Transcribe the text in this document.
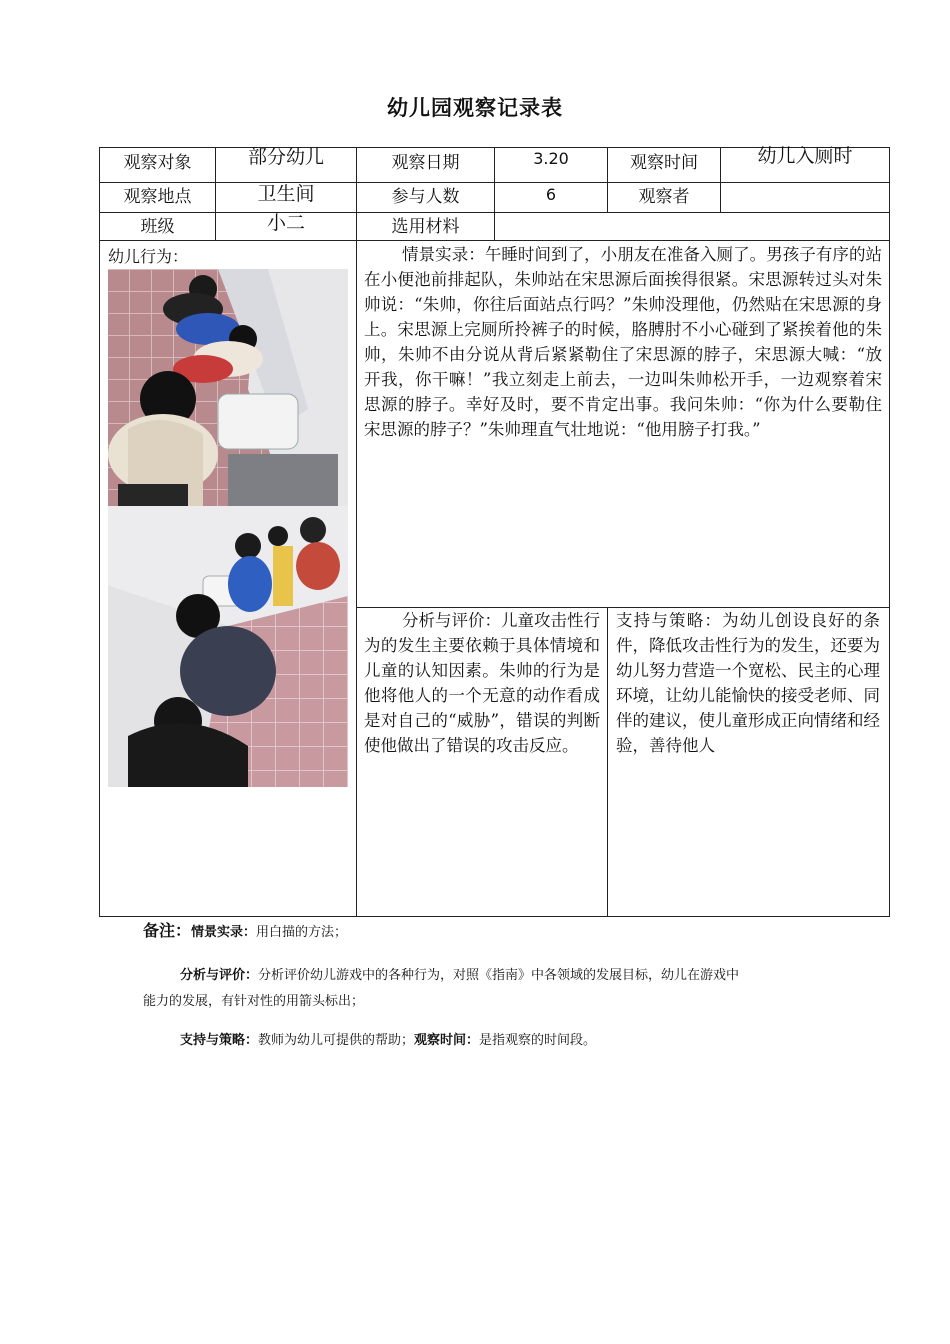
幼儿园观察记录表
观察对象	部分幼儿	观察日期	3.20	观察时间	幼儿入厕时
观察地点	卫生间	参与人数	6	观察者
班级	小二	选用材料
幼儿行为：	情景实录：午睡时间到了，小朋友在准备入厕了。男孩子有序的站在小便池前排起队，朱帅站在宋思源后面挨得很紧。宋思源转过头对朱帅说：“朱帅，你往后面站点行吗？”朱帅没理他，仍然贴在宋思源的身上。宋思源上完厕所拎裤子的时候，胳膊肘不小心碰到了紧挨着他的朱帅，朱帅不由分说从背后紧紧勒住了宋思源的脖子，宋思源大喊：“放开我，你干嘛！”我立刻走上前去，一边叫朱帅松开手，一边观察着宋思源的脖子。幸好及时，要不肯定出事。我问朱帅：“你为什么要勒住宋思源的脖子？”朱帅理直气壮地说：“他用膀子打我。”
分析与评价：儿童攻击性行为的发生主要依赖于具体情境和儿童的认知因素。朱帅的行为是他将他人的一个无意的动作看成是对自己的“威胁”，错误的判断使他做出了错误的攻击反应。
支持与策略：为幼儿创设良好的条件，降低攻击性行为的发生，还要为幼儿努力营造一个宽松、民主的心理环境，让幼儿能愉快的接受老师、同伴的建议，使儿童形成正向情绪和经验，善待他人
备注：情景实录：用白描的方法；
分析与评价：分析评价幼儿游戏中的各种行为，对照《指南》中各领域的发展目标，幼儿在游戏中
能力的发展，有针对性的用箭头标出；
支持与策略：教师为幼儿可提供的帮助；观察时间：是指观察的时间段。
